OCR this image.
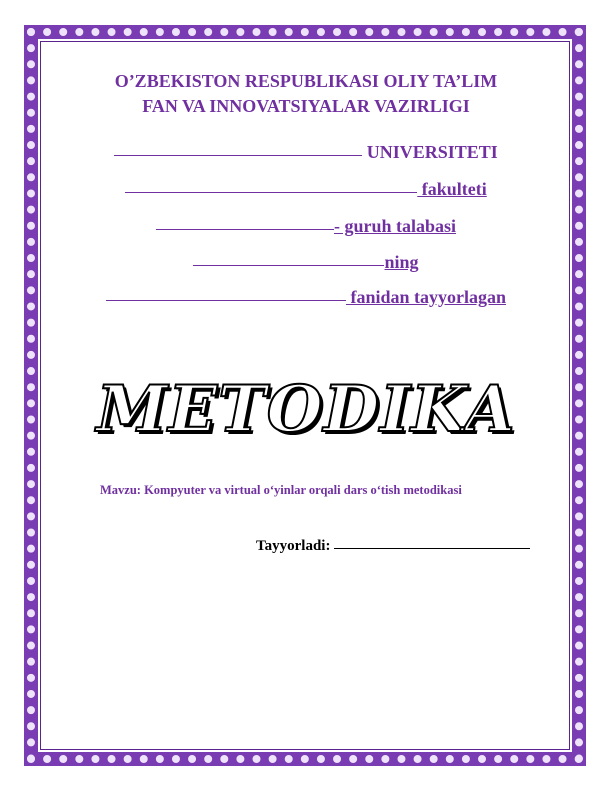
O’ZBEKISTON RESPUBLIKASI OLIY TA’LIM
FAN VA INNOVATSIYALAR VAZIRLIGI
UNIVERSITETI
fakulteti
- guruh talabasi
ning
fanidan tayyorlagan
METODIKA
Mavzu: Kompyuter va virtual o‘yinlar orqali dars o‘tish metodikasi
Tayyorladi:
